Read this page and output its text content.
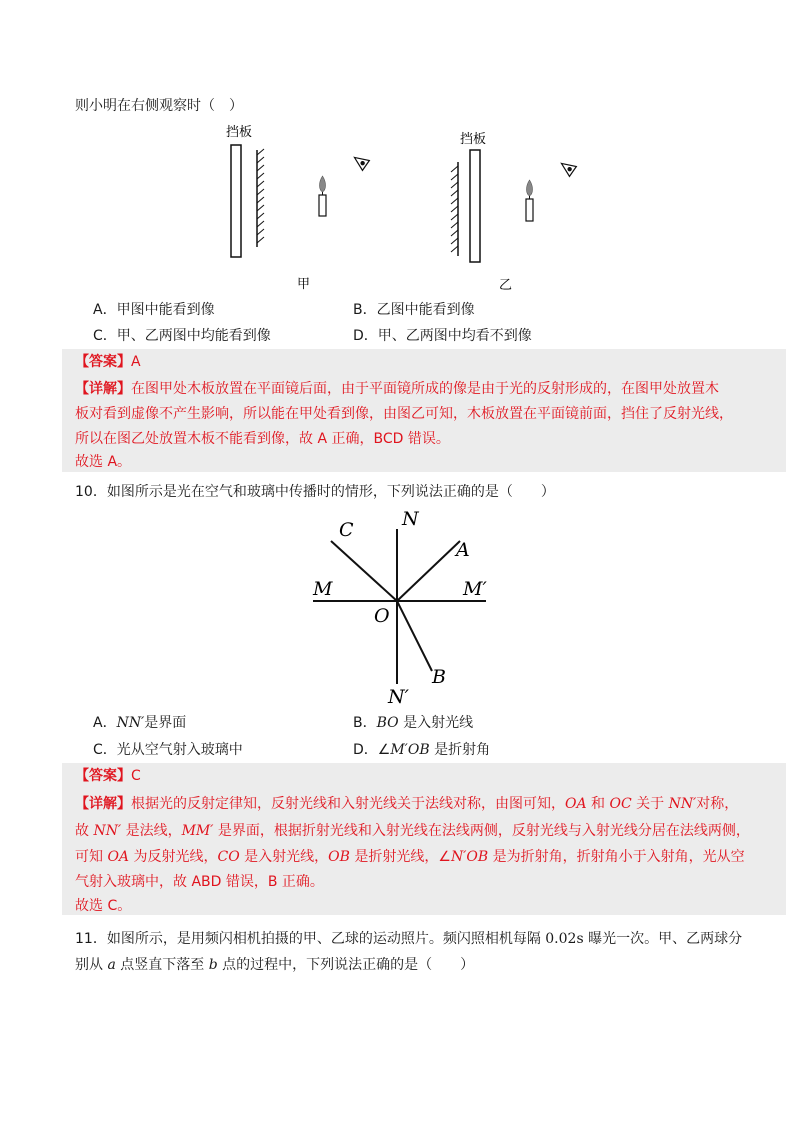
则小明在右侧观察时（　）
挡板
甲
挡板
乙
A．甲图中能看到像	B．乙图中能看到像
C．甲、乙两图中均能看到像	D．甲、乙两图中均看不到像
【答案】A
【详解】在图甲处木板放置在平面镜后面，由于平面镜所成的像是由于光的反射形成的，在图甲处放置木
板对看到虚像不产生影响，所以能在甲处看到像，由图乙可知，木板放置在平面镜前面，挡住了反射光线，
所以在图乙处放置木板不能看到像，故 A 正确，BCD 错误。
故选 A。
10．如图所示是光在空气和玻璃中传播时的情形，下列说法正确的是（　　）
N
N′
M	M′
O
A
B
C
A．NN′是界面	B．BO 是入射光线
C．光从空气射入玻璃中	D．∠M′OB 是折射角
【答案】C
【详解】根据光的反射定律知，反射光线和入射光线关于法线对称，由图可知，OA 和 OC 关于 NN′对称，
故 NN′ 是法线，MM′ 是界面，根据折射光线和入射光线在法线两侧，反射光线与入射光线分居在法线两侧，
可知 OA 为反射光线，CO 是入射光线，OB 是折射光线，∠N′OB 是为折射角，折射角小于入射角，光从空
气射入玻璃中，故 ABD 错误，B 正确。
故选 C。
11．如图所示，是用频闪相机拍摄的甲、乙球的运动照片。频闪照相机每隔 0.02s 曝光一次。甲、乙两球分
别从 a 点竖直下落至 b 点的过程中，下列说法正确的是（　　）
